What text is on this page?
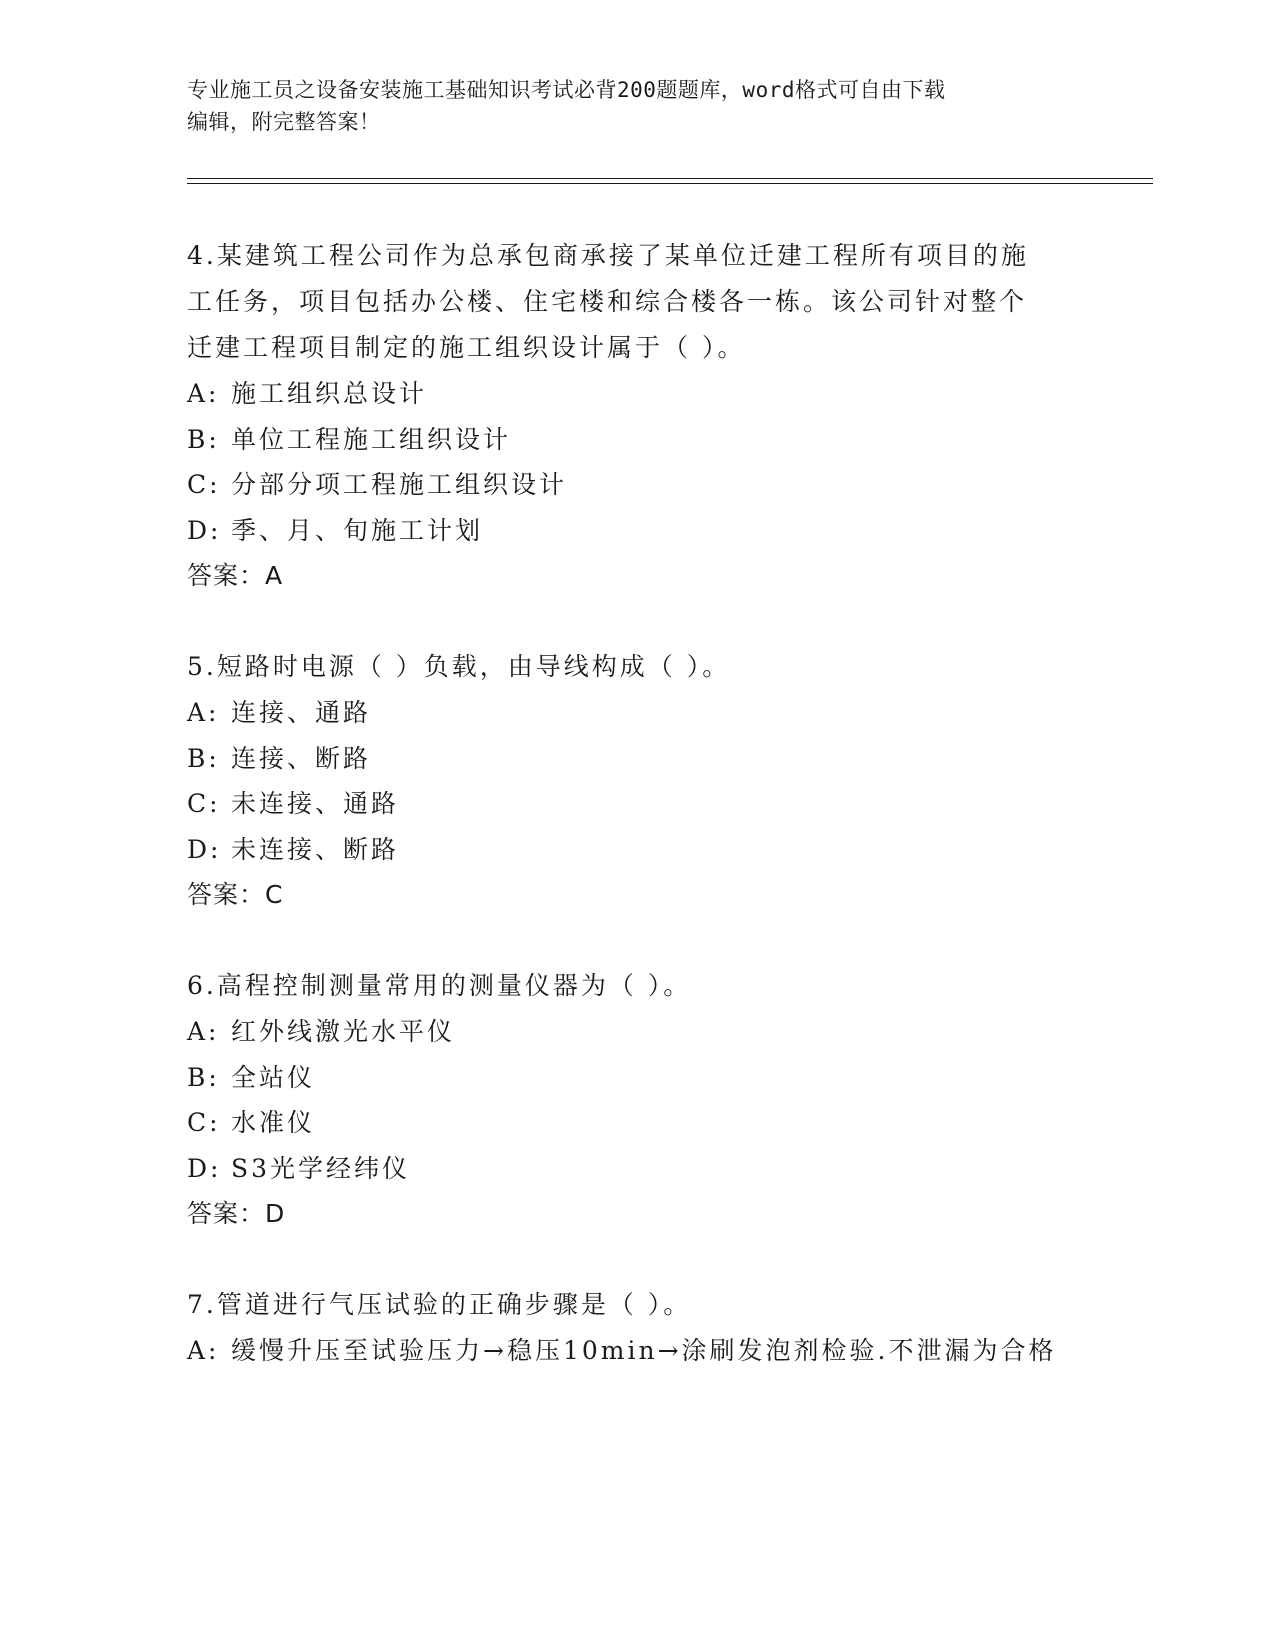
专业施工员之设备安装施工基础知识考试必背200题题库，word格式可自由下载
编辑，附完整答案！

4.某建筑工程公司作为总承包商承接了某单位迁建工程所有项目的施
工任务，项目包括办公楼、住宅楼和综合楼各一栋。该公司针对整个
迁建工程项目制定的施工组织设计属于（ ）。

A: 施工组织总设计

B: 单位工程施工组织设计

C: 分部分项工程施工组织设计

D: 季、月、旬施工计划

答案：A

5.短路时电源（ ）负载，由导线构成（ ）。

A: 连接、通路

B: 连接、断路

C: 未连接、通路

D: 未连接、断路

答案：C

6.高程控制测量常用的测量仪器为（ ）。

A: 红外线激光水平仪

B: 全站仪

C: 水准仪

D: S3光学经纬仪

答案：D

7.管道进行气压试验的正确步骤是（ ）。

A: 缓慢升压至试验压力→稳压10min→涂刷发泡剂检验.不泄漏为合格
